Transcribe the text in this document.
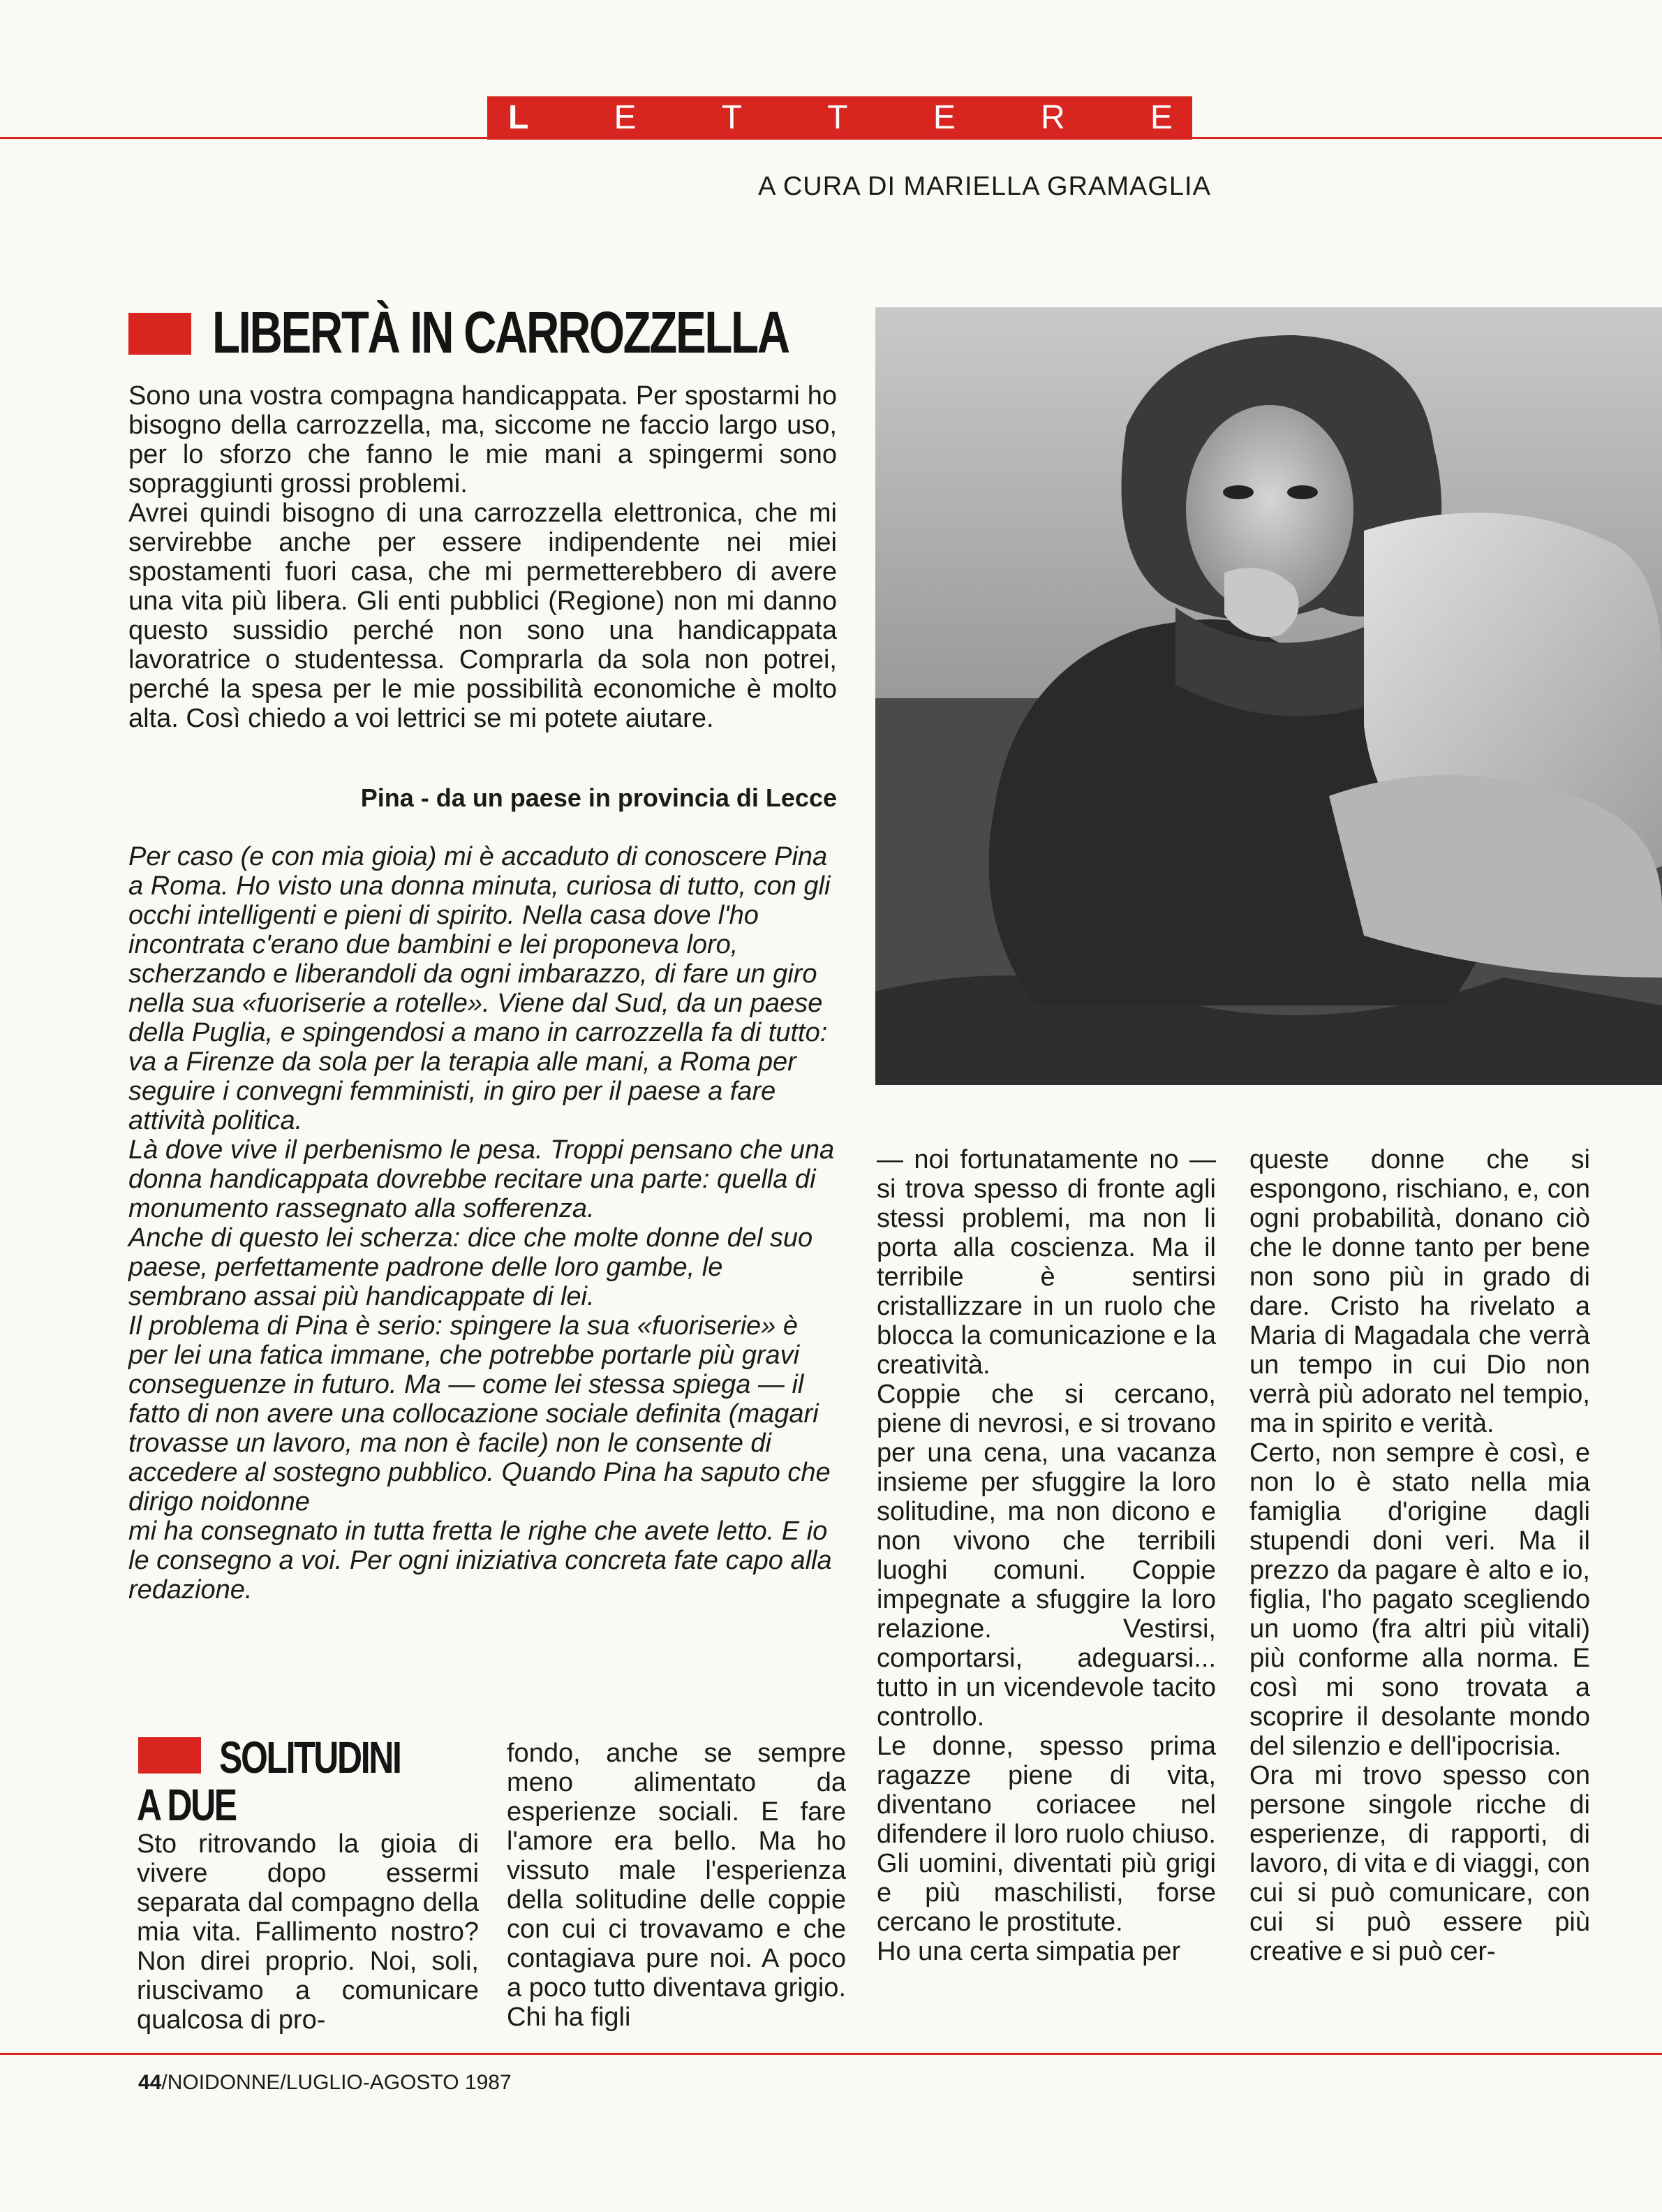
L	E	T	T	E	R	E
A CURA DI MARIELLA GRAMAGLIA
LIBERTÀ IN CARROZZELLA

Sono una vostra compagna handicappata. Per spostarmi ho bisogno della carrozzella, ma, siccome ne faccio largo uso, per lo sforzo che fanno le mie mani a spingermi sono sopraggiunti grossi problemi.

Avrei quindi bisogno di una carrozzella elettronica, che mi servirebbe anche per essere indipendente nei miei spostamenti fuori casa, che mi permetterebbero di avere una vita più libera. Gli enti pubblici (Regione) non mi danno questo sussidio perché non sono una handicappata lavoratrice o studentessa. Comprarla da sola non potrei, perché la spesa per le mie possibilità economiche è molto alta. Così chiedo a voi lettrici se mi potete aiutare.

Pina - da un paese in provincia di Lecce

Per caso (e con mia gioia) mi è accaduto di conoscere Pina a Roma. Ho visto una donna minuta, curiosa di tutto, con gli occhi intelligenti e pieni di spirito. Nella casa dove l'ho incontrata c'erano due bambini e lei proponeva loro, scherzando e liberandoli da ogni imbarazzo, di fare un giro nella sua «fuoriserie a rotelle». Viene dal Sud, da un paese della Puglia, e spingendosi a mano in carrozzella fa di tutto: va a Firenze da sola per la terapia alle mani, a Roma per seguire i convegni femministi, in giro per il paese a fare attività politica.

Là dove vive il perbenismo le pesa. Troppi pensano che una donna handicappata dovrebbe recitare una parte: quella di monumento rassegnato alla sofferenza.

Anche di questo lei scherza: dice che molte donne del suo paese, perfettamente padrone delle loro gambe, le sembrano assai più handicappate di lei.

Il problema di Pina è serio: spingere la sua «fuoriserie» è per lei una fatica immane, che potrebbe portarle più gravi conseguenze in futuro. Ma — come lei stessa spiega — il fatto di non avere una collocazione sociale definita (magari trovasse un lavoro, ma non è facile) non le consente di accedere al sostegno pubblico. Quando Pina ha saputo che dirigo noidonne

mi ha consegnato in tutta fretta le righe che avete letto. E io le consegno a voi. Per ogni iniziativa concreta fate capo alla redazione.

SOLITUDINI
A DUE

Sto ritrovando la gioia di vivere dopo essermi separata dal compagno della mia vita. Fallimento nostro? Non direi proprio. Noi, soli, riuscivamo a comunicare qualcosa di pro-

fondo, anche se sempre meno alimentato da esperienze sociali. E fare l'amore era bello. Ma ho vissuto male l'esperienza della solitudine delle coppie con cui ci trovavamo e che contagiava pure noi. A poco a poco tutto diventava grigio. Chi ha figli

— noi fortunatamente no — si trova spesso di fronte agli stessi problemi, ma non li porta alla coscienza. Ma il terribile è sentirsi cristallizzare in un ruolo che blocca la comunicazione e la creatività.

Coppie che si cercano, piene di nevrosi, e si trovano per una cena, una vacanza insieme per sfuggire la loro solitudine, ma non dicono e non vivono che terribili luoghi comuni. Coppie impegnate a sfuggire la loro relazione. Vestirsi, comportarsi, adeguarsi... tutto in un vicendevole tacito controllo.

Le donne, spesso prima ragazze piene di vita, diventano coriacee nel difendere il loro ruolo chiuso. Gli uomini, diventati più grigi e più maschilisti, forse cercano le prostitute.

Ho una certa simpatia per

queste donne che si espongono, rischiano, e, con ogni probabilità, donano ciò che le donne tanto per bene non sono più in grado di dare. Cristo ha rivelato a Maria di Magadala che verrà un tempo in cui Dio non verrà più adorato nel tempio, ma in spirito e verità.

Certo, non sempre è così, e non lo è stato nella mia famiglia d'origine dagli stupendi doni veri. Ma il prezzo da pagare è alto e io, figlia, l'ho pagato scegliendo un uomo (fra altri più vitali) più conforme alla norma. E così mi sono trovata a scoprire il desolante mondo del silenzio e dell'ipocrisia.

Ora mi trovo spesso con persone singole ricche di esperienze, di rapporti, di lavoro, di vita e di viaggi, con cui si può comunicare, con cui si può essere più creative e si può cer-

44/NOIDONNE/LUGLIO-AGOSTO 1987
